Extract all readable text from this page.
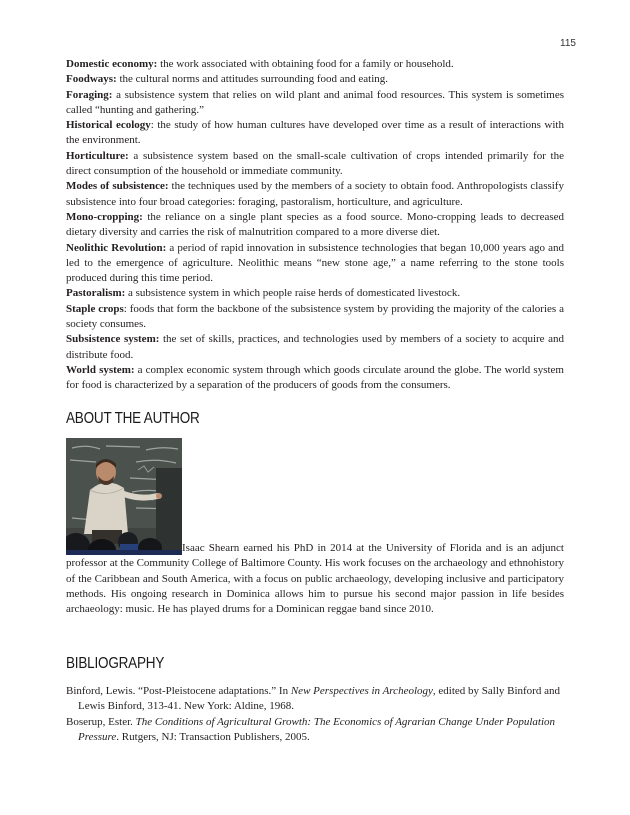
115

Domestic economy: the work associated with obtaining food for a family or household.

Foodways: the cultural norms and attitudes surrounding food and eating.

Foraging: a subsistence system that relies on wild plant and animal food resources. This system is sometimes called “hunting and gathering.”

Historical ecology: the study of how human cultures have developed over time as a result of interactions with the environment.

Horticulture: a subsistence system based on the small-scale cultivation of crops intended primarily for the direct consumption of the household or immediate community.

Modes of subsistence: the techniques used by the members of a society to obtain food. Anthropologists classify subsistence into four broad categories: foraging, pastoralism, horticulture, and agriculture.

Mono-cropping: the reliance on a single plant species as a food source. Mono-cropping leads to decreased dietary diversity and carries the risk of malnutrition compared to a more diverse diet.

Neolithic Revolution: a period of rapid innovation in subsistence technologies that began 10,000 years ago and led to the emergence of agriculture. Neolithic means “new stone age,” a name referring to the stone tools produced during this time period.

Pastoralism: a subsistence system in which people raise herds of domesticated livestock.

Staple crops: foods that form the backbone of the subsistence system by providing the majority of the calories a society consumes.

Subsistence system: the set of skills, practices, and technologies used by members of a society to acquire and distribute food.

World system: a complex economic system through which goods circulate around the globe. The world system for food is characterized by a separation of the producers of goods from the consumers.

ABOUT THE AUTHOR

Isaac Shearn earned his PhD in 2014 at the University of Florida and is an adjunct professor at the Community College of Baltimore County. His work focuses on the archaeology and ethnohistory of the Caribbean and South America, with a focus on public archaeology, developing inclusive and participatory methods. His ongoing research in Dominica allows him to pursue his second major passion in life besides archaeology: music. He has played drums for a Dominican reggae band since 2010.

BIBLIOGRAPHY

Binford, Lewis. “Post-Pleistocene adaptations.” In New Perspectives in Archeology, edited by Sally Binford and Lewis Binford, 313-41. New York: Aldine, 1968.

Boserup, Ester. The Conditions of Agricultural Growth: The Economics of Agrarian Change Under Population Pressure. Rutgers, NJ: Transaction Publishers, 2005.
